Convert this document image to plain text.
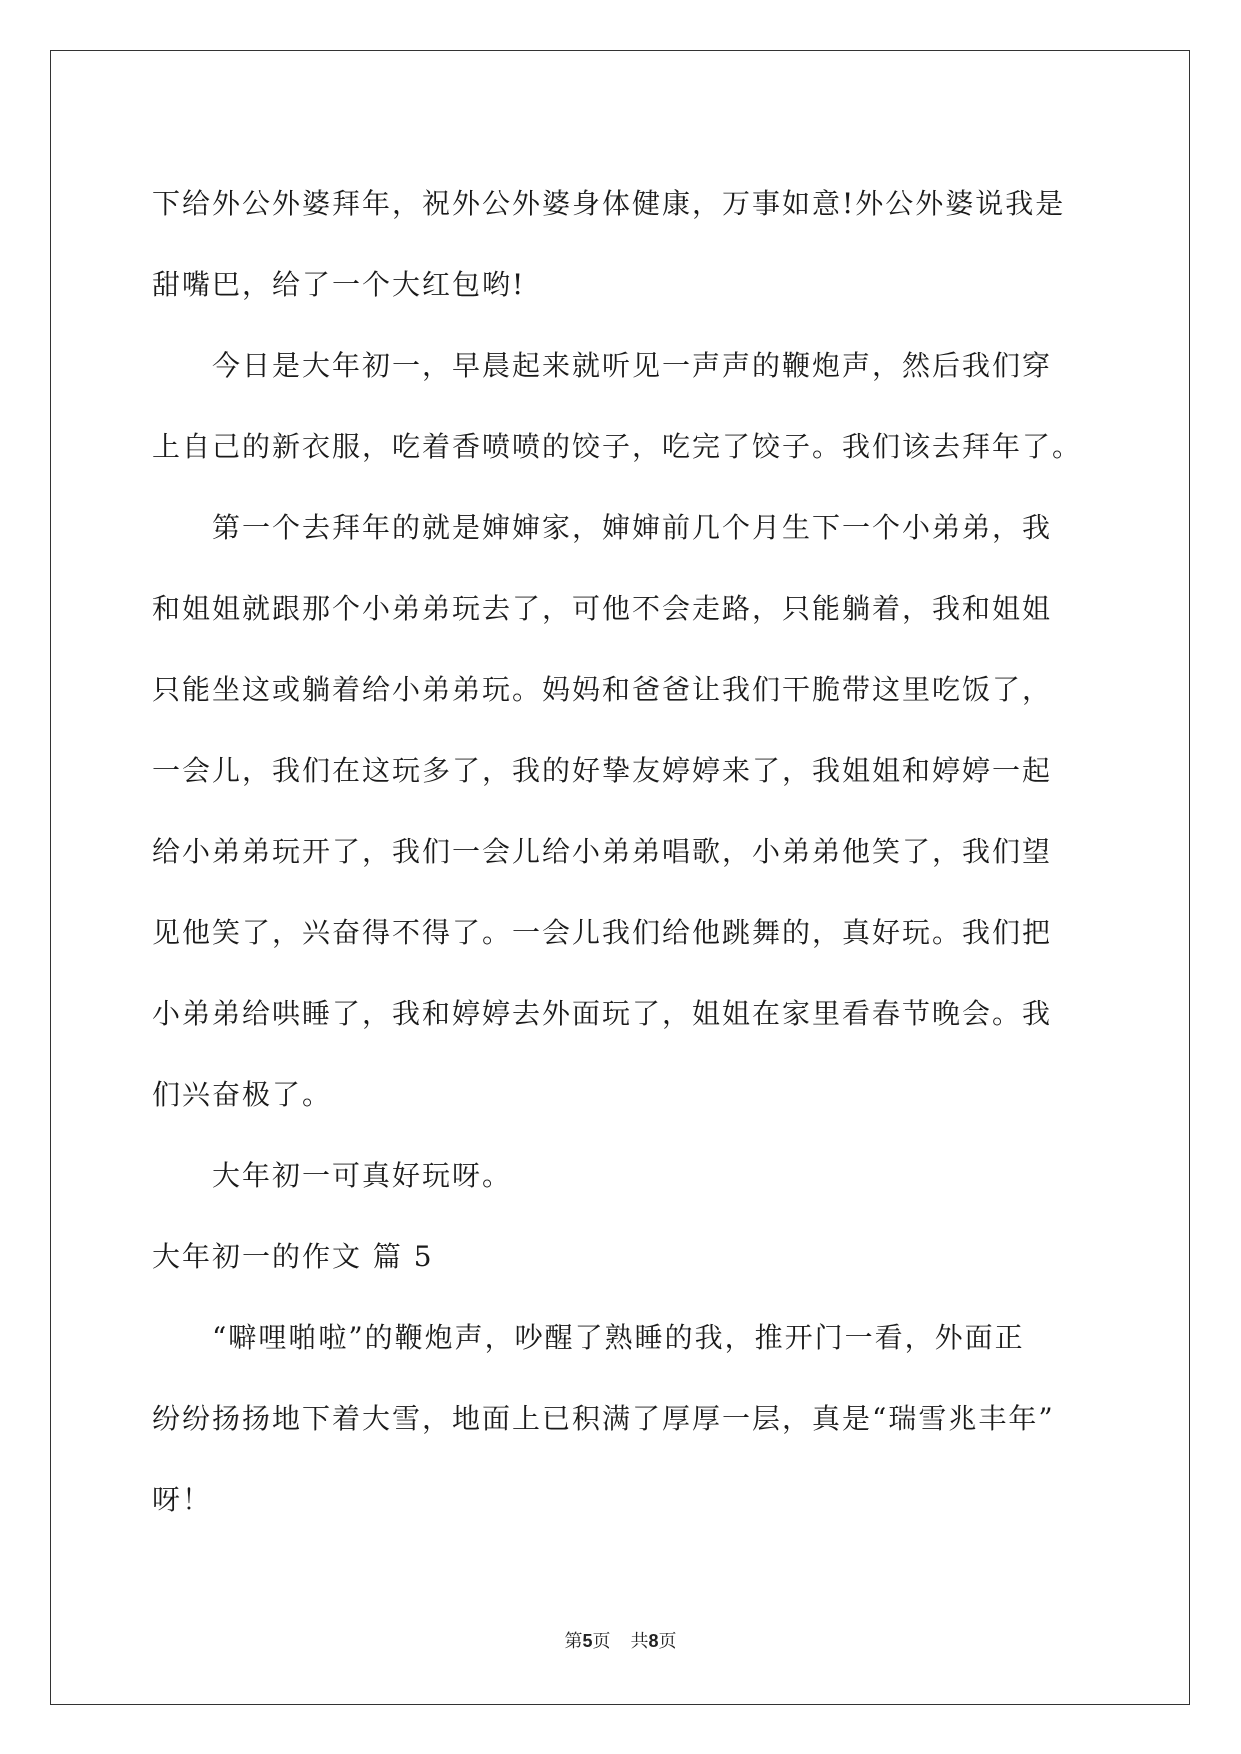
下给外公外婆拜年，祝外公外婆身体健康，万事如意!外公外婆说我是
甜嘴巴，给了一个大红包哟!
今日是大年初一，早晨起来就听见一声声的鞭炮声，然后我们穿
上自己的新衣服，吃着香喷喷的饺子，吃完了饺子。我们该去拜年了。
第一个去拜年的就是婶婶家，婶婶前几个月生下一个小弟弟，我
和姐姐就跟那个小弟弟玩去了，可他不会走路，只能躺着，我和姐姐
只能坐这或躺着给小弟弟玩。妈妈和爸爸让我们干脆带这里吃饭了，
一会儿，我们在这玩多了，我的好挚友婷婷来了，我姐姐和婷婷一起
给小弟弟玩开了，我们一会儿给小弟弟唱歌，小弟弟他笑了，我们望
见他笑了，兴奋得不得了。一会儿我们给他跳舞的，真好玩。我们把
小弟弟给哄睡了，我和婷婷去外面玩了，姐姐在家里看春节晚会。我
们兴奋极了。
大年初一可真好玩呀。
大年初一的作文 篇 5
“噼哩啪啦”的鞭炮声，吵醒了熟睡的我，推开门一看，外面正
纷纷扬扬地下着大雪，地面上已积满了厚厚一层，真是“瑞雪兆丰年”
呀！
第5页 共8页
